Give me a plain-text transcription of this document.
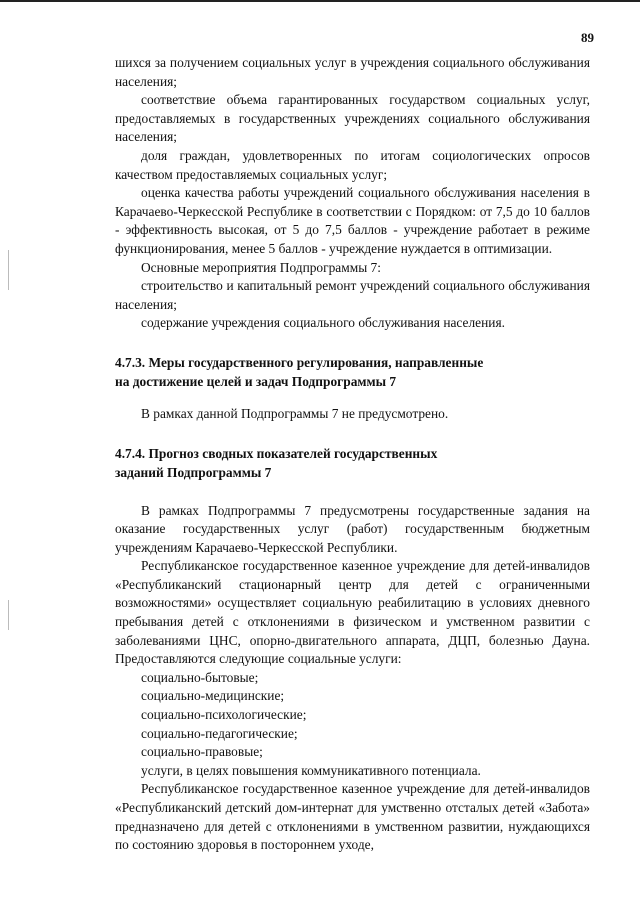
89

шихся за получением социальных услуг в учреждения социального обслуживания населения;

соответствие объема гарантированных государством социальных услуг, предоставляемых в государственных учреждениях социального обслуживания населения;

доля граждан, удовлетворенных по итогам социологических опросов качеством предоставляемых социальных услуг;

оценка качества работы учреждений социального обслуживания населения в Карачаево-Черкесской Республике в соответствии с Порядком: от 7,5 до 10 баллов - эффективность высокая, от 5 до 7,5 баллов - учреждение работает в режиме функционирования, менее 5 баллов - учреждение нуждается в оптимизации.

Основные мероприятия Подпрограммы 7:

строительство и капитальный ремонт учреждений социального обслуживания населения;

содержание учреждения социального обслуживания населения.

4.7.3. Меры государственного регулирования, направленные
на достижение целей и задач Подпрограммы 7

В рамках данной Подпрограммы 7 не предусмотрено.

4.7.4. Прогноз сводных показателей государственных
заданий Подпрограммы 7

В рамках Подпрограммы 7 предусмотрены государственные задания на оказание государственных услуг (работ) государственным бюджетным учреждениям Карачаево-Черкесской Республики.

Республиканское государственное казенное учреждение для детей-инвалидов «Республиканский стационарный центр для детей с ограниченными возможностями» осуществляет социальную реабилитацию в условиях дневного пребывания детей с отклонениями в физическом и умственном развитии с заболеваниями ЦНС, опорно-двигательного аппарата, ДЦП, болезнью Дауна. Предоставляются следующие социальные услуги:

социально-бытовые;

социально-медицинские;

социально-психологические;

социально-педагогические;

социально-правовые;

услуги, в целях повышения коммуникативного потенциала.

Республиканское государственное казенное учреждение для детей-инвалидов «Республиканский детский дом-интернат для умственно отсталых детей «Забота» предназначено для детей с отклонениями в умственном развитии, нуждающихся по состоянию здоровья в постороннем уходе,
